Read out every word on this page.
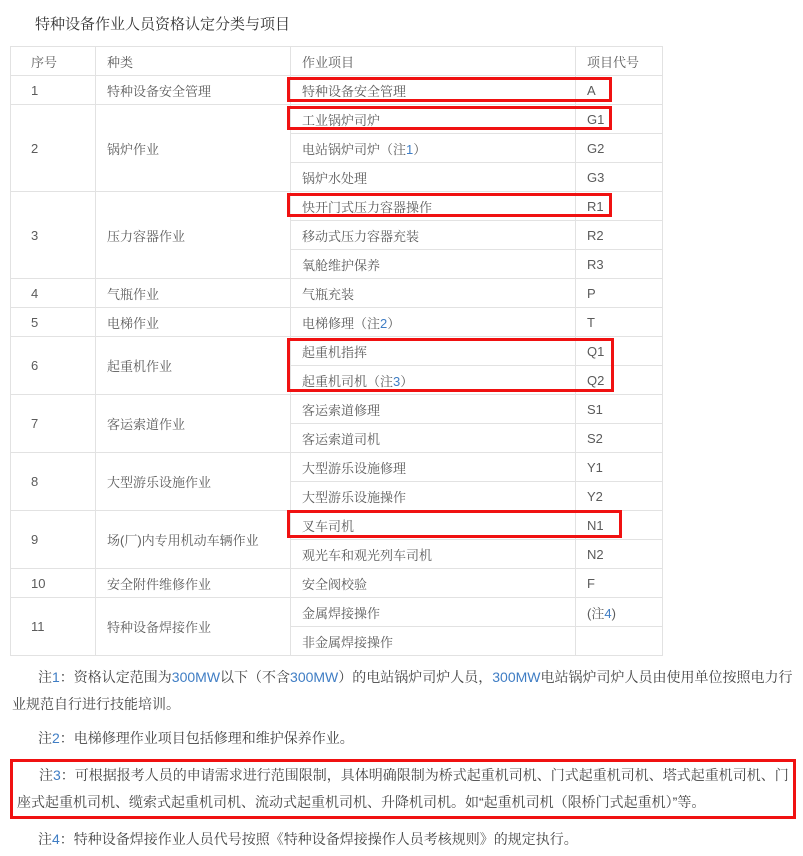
特种设备作业人员资格认定分类与项目

序号	种类	作业项目	项目代号
1	特种设备安全管理	特种设备安全管理	A
2	锅炉作业	工业锅炉司炉	G1
		电站锅炉司炉（注1）	G2
		锅炉水处理	G3
3	压力容器作业	快开门式压力容器操作	R1
		移动式压力容器充装	R2
		氧舱维护保养	R3
4	气瓶作业	气瓶充装	P
5	电梯作业	电梯修理（注2）	T
6	起重机作业	起重机指挥	Q1
		起重机司机（注3）	Q2
7	客运索道作业	客运索道修理	S1
		客运索道司机	S2
8	大型游乐设施作业	大型游乐设施修理	Y1
		大型游乐设施操作	Y2
9	场(厂)内专用机动车辆作业	叉车司机	N1
		观光车和观光列车司机	N2
10	安全附件维修作业	安全阀校验	F
11	特种设备焊接作业	金属焊接操作	(注4)
		非金属焊接操作	

注1：资格认定范围为300MW以下（不含300MW）的电站锅炉司炉人员，300MW电站锅炉司炉人员由使用单位按照电力行业规范自行进行技能培训。

注2：电梯修理作业项目包括修理和维护保养作业。

注3：可根据报考人员的申请需求进行范围限制，具体明确限制为桥式起重机司机、门式起重机司机、塔式起重机司机、门座式起重机司机、缆索式起重机司机、流动式起重机司机、升降机司机。如“起重机司机（限桥门式起重机）”等。

注4：特种设备焊接作业人员代号按照《特种设备焊接操作人员考核规则》的规定执行。
